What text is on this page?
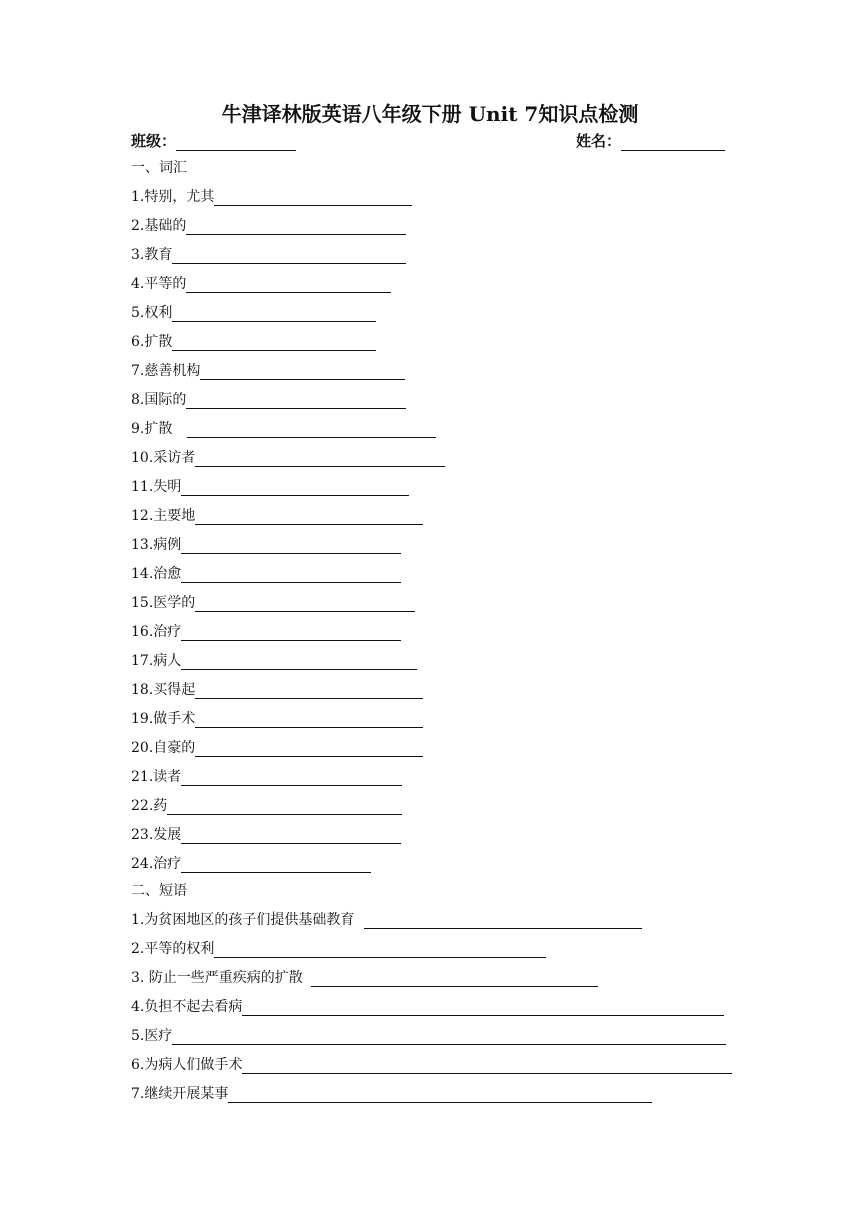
牛津译林版英语八年级下册 Unit 7知识点检测
班级：	姓名：
一、词汇
1.特别，尤其
2.基础的
3.教育
4.平等的
5.权利
6.扩散
7.慈善机构
8.国际的
9.扩散
10.采访者
11.失明
12.主要地
13.病例
14.治愈
15.医学的
16.治疗
17.病人
18.买得起
19.做手术
20.自豪的
21.读者
22.药
23.发展
24.治疗
二、短语
1.为贫困地区的孩子们提供基础教育
2.平等的权利
3. 防止一些严重疾病的扩散
4.负担不起去看病
5.医疗
6.为病人们做手术
7.继续开展某事
